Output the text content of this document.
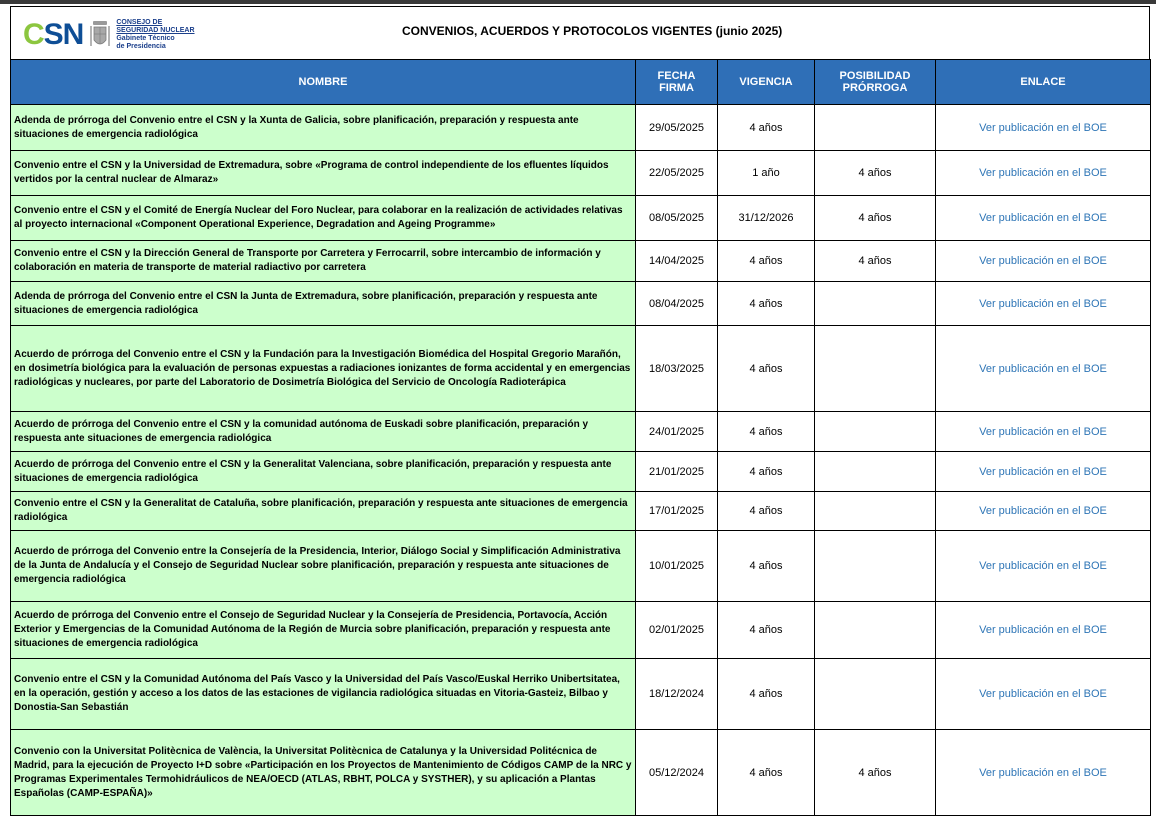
CSN	CONSEJO DE
SEGURIDAD NUCLEAR
Gabinete Técnico
de Presidencia
CONVENIOS, ACUERDOS Y PROTOCOLOS VIGENTES (junio 2025)
NOMBRE	FECHA FIRMA	VIGENCIA	POSIBILIDAD PRÓRROGA	ENLACE
Adenda de prórroga del Convenio entre el CSN y la Xunta de Galicia, sobre planificación, preparación y respuesta ante situaciones de emergencia radiológica	29/05/2025	4 años		Ver publicación en el BOE
Convenio entre el CSN y la Universidad de Extremadura, sobre «Programa de control independiente de los efluentes líquidos vertidos por la central nuclear de Almaraz»	22/05/2025	1 año	4 años	Ver publicación en el BOE
Convenio entre el CSN y el Comité de Energía Nuclear del Foro Nuclear, para colaborar en la realización de actividades relativas al proyecto internacional «Component Operational Experience, Degradation and Ageing Programme»	08/05/2025	31/12/2026	4 años	Ver publicación en el BOE
Convenio entre el CSN y la Dirección General de Transporte por Carretera y Ferrocarril, sobre intercambio de información y colaboración en materia de transporte de material radiactivo por carretera	14/04/2025	4 años	4 años	Ver publicación en el BOE
Adenda de prórroga del Convenio entre el CSN la Junta de Extremadura, sobre planificación, preparación y respuesta ante situaciones de emergencia radiológica	08/04/2025	4 años		Ver publicación en el BOE
Acuerdo de prórroga del Convenio entre el CSN y la Fundación para la Investigación Biomédica del Hospital Gregorio Marañón, en dosimetría biológica para la evaluación de personas expuestas a radiaciones ionizantes de forma accidental y en emergencias radiológicas y nucleares, por parte del Laboratorio de Dosimetría Biológica del Servicio de Oncología Radioterápica	18/03/2025	4 años		Ver publicación en el BOE
Acuerdo de prórroga del Convenio entre el CSN y la comunidad autónoma de Euskadi sobre planificación, preparación y respuesta ante situaciones de emergencia radiológica	24/01/2025	4 años		Ver publicación en el BOE
Acuerdo de prórroga del Convenio entre el CSN y la Generalitat Valenciana, sobre planificación, preparación y respuesta ante situaciones de emergencia radiológica	21/01/2025	4 años		Ver publicación en el BOE
Convenio entre el CSN y la Generalitat de Cataluña, sobre planificación, preparación y respuesta ante situaciones de emergencia radiológica	17/01/2025	4 años		Ver publicación en el BOE
Acuerdo de prórroga del Convenio entre la Consejería de la Presidencia, Interior, Diálogo Social y Simplificación Administrativa de la Junta de Andalucía y el Consejo de Seguridad Nuclear sobre planificación, preparación y respuesta ante situaciones de emergencia radiológica	10/01/2025	4 años		Ver publicación en el BOE
Acuerdo de prórroga del Convenio entre el Consejo de Seguridad Nuclear y la Consejería de Presidencia, Portavocía, Acción Exterior y Emergencias de la Comunidad Autónoma de la Región de Murcia sobre planificación, preparación y respuesta ante situaciones de emergencia radiológica	02/01/2025	4 años		Ver publicación en el BOE
Convenio entre el CSN y la Comunidad Autónoma del País Vasco y la Universidad del País Vasco/Euskal Herriko Unibertsitatea, en la operación, gestión y acceso a los datos de las estaciones de vigilancia radiológica situadas en Vitoria-Gasteiz, Bilbao y Donostia-San Sebastián	18/12/2024	4 años		Ver publicación en el BOE
Convenio con la Universitat Politècnica de València, la Universitat Politècnica de Catalunya y la Universidad Politécnica de Madrid, para la ejecución de Proyecto I+D sobre «Participación en los Proyectos de Mantenimiento de Códigos CAMP de la NRC y Programas Experimentales Termohidráulicos de NEA/OECD (ATLAS, RBHT, POLCA y SYSTHER), y su aplicación a Plantas Españolas (CAMP-ESPAÑA)»	05/12/2024	4 años	4 años	Ver publicación en el BOE
